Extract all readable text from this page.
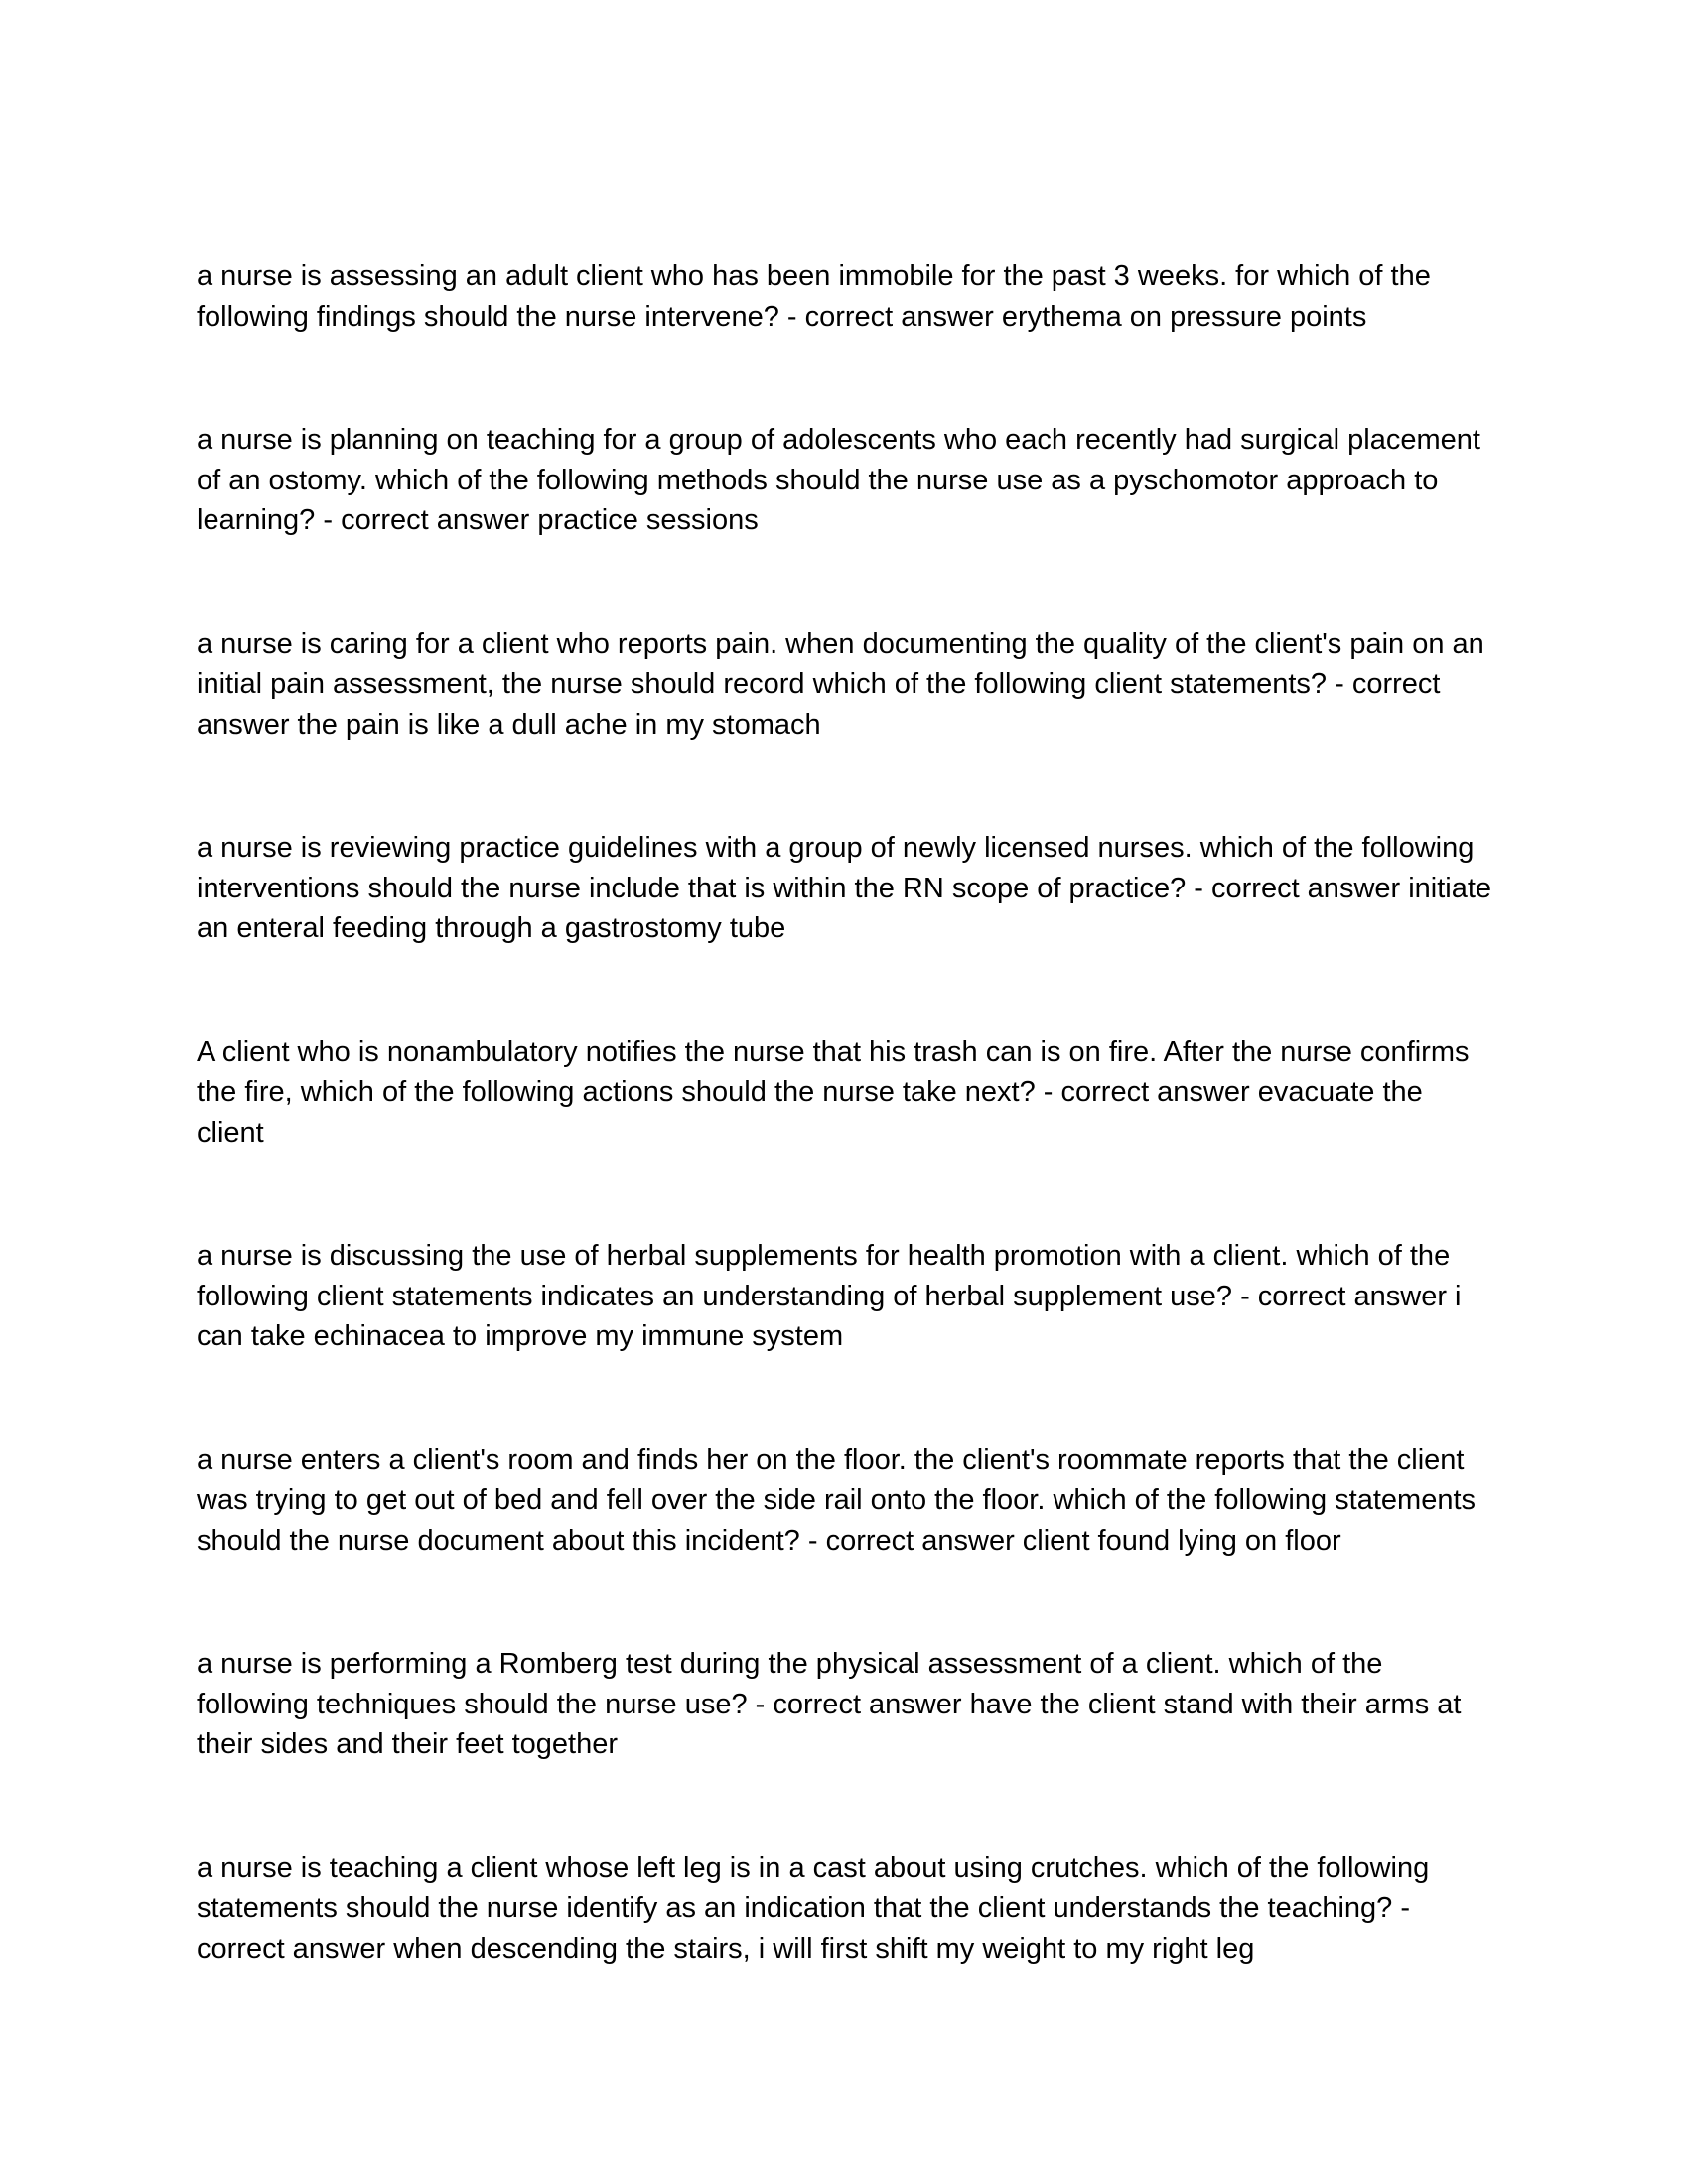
a nurse is assessing an adult client who has been immobile for the past 3 weeks. for which of the following findings should the nurse intervene? - correct answer erythema on pressure points

a nurse is planning on teaching for a group of adolescents who each recently had surgical placement of an ostomy. which of the following methods should the nurse use as a pyschomotor approach to learning? - correct answer practice sessions

a nurse is caring for a client who reports pain. when documenting the quality of the client's pain on an initial pain assessment, the nurse should record which of the following client statements? - correct answer the pain is like a dull ache in my stomach

a nurse is reviewing practice guidelines with a group of newly licensed nurses. which of the following interventions should the nurse include that is within the RN scope of practice? - correct answer initiate an enteral feeding through a gastrostomy tube

A client who is nonambulatory notifies the nurse that his trash can is on fire. After the nurse confirms the fire, which of the following actions should the nurse take next? - correct answer evacuate the client

a nurse is discussing the use of herbal supplements for health promotion with a client. which of the following client statements indicates an understanding of herbal supplement use? - correct answer i can take echinacea to improve my immune system

a nurse enters a client's room and finds her on the floor. the client's roommate reports that the client was trying to get out of bed and fell over the side rail onto the floor. which of the following statements should the nurse document about this incident? - correct answer client found lying on floor

a nurse is performing a Romberg test during the physical assessment of a client. which of the following techniques should the nurse use? - correct answer have the client stand with their arms at their sides and their feet together

a nurse is teaching a client whose left leg is in a cast about using crutches. which of the following statements should the nurse identify as an indication that the client understands the teaching? - correct answer when descending the stairs, i will first shift my weight to my right leg
